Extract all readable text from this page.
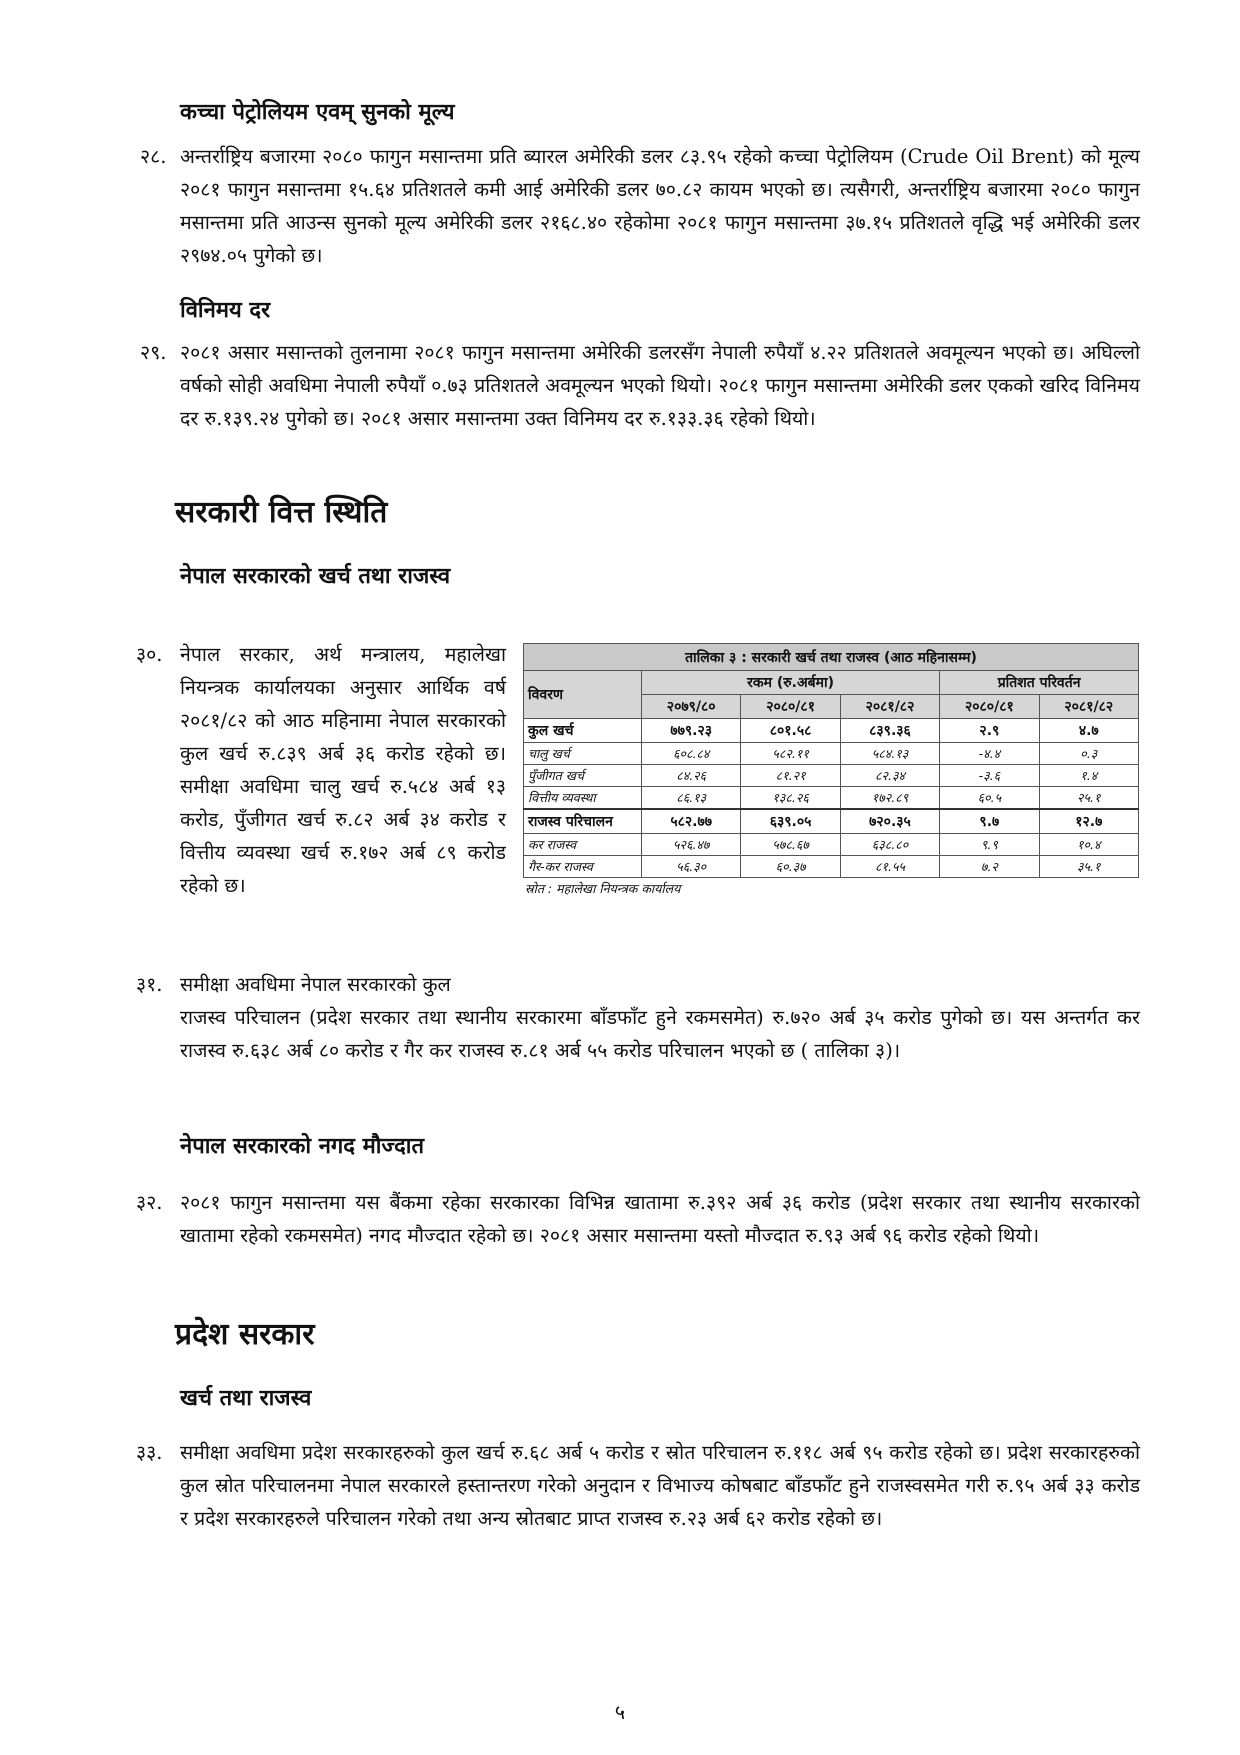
कच्चा पेट्रोलियम एवम् सुनको मूल्य
२८. अन्तर्राष्ट्रिय बजारमा २०८० फागुन मसान्तमा प्रति ब्यारल अमेरिकी डलर ८३.९५ रहेको कच्चा पेट्रोलियम (Crude Oil Brent) को मूल्य २०८१ फागुन मसान्तमा १५.६४ प्रतिशतले कमी आई अमेरिकी डलर ७०.८२ कायम भएको छ। त्यसैगरी, अन्तर्राष्ट्रिय बजारमा २०८० फागुन मसान्तमा प्रति आउन्स सुनको मूल्य अमेरिकी डलर २१६८.४० रहेकोमा २०८१ फागुन मसान्तमा ३७.१५ प्रतिशतले वृद्धि भई अमेरिकी डलर २९७४.०५ पुगेको छ।
विनिमय दर
२९. २०८१ असार मसान्तको तुलनामा २०८१ फागुन मसान्तमा अमेरिकी डलरसँग नेपाली रुपैयाँ ४.२२ प्रतिशतले अवमूल्यन भएको छ। अघिल्लो वर्षको सोही अवधिमा नेपाली रुपैयाँ ०.७३ प्रतिशतले अवमूल्यन भएको थियो। २०८१ फागुन मसान्तमा अमेरिकी डलर एकको खरिद विनिमय दर रु.१३९.२४ पुगेको छ। २०८१ असार मसान्तमा उक्त विनिमय दर रु.१३३.३६ रहेको थियो।
सरकारी वित्त स्थिति
नेपाल सरकारको खर्च तथा राजस्व
३०. नेपाल सरकार, अर्थ मन्त्रालय, महालेखा नियन्त्रक कार्यालयका अनुसार आर्थिक वर्ष २०८१/८२ को आठ महिनामा नेपाल सरकारको कुल खर्च रु.८३९ अर्ब ३६ करोड रहेको छ। समीक्षा अवधिमा चालु खर्च रु.५८४ अर्ब १३ करोड, पुँजीगत खर्च रु.८२ अर्ब ३४ करोड र वित्तीय व्यवस्था खर्च रु.१७२ अर्ब ८९ करोड रहेको छ।
तालिका ३ : सरकारी खर्च तथा राजस्व (आठ महिनासम्म)					
विवरण	रकम (रु.अर्बमा)			प्रतिशत परिवर्तन	
	२०७९/८०	२०८०/८१	२०८१/८२	२०८०/८१	२०८१/८२
कुल खर्च	७७९.२३	८०१.५८	८३९.३६	२.९	४.७
चालु खर्च	६०८.८४	५८२.११	५८४.१३	-४.४	०.३
पुँजीगत खर्च	८४.२६	८१.२१	८२.३४	-३.६	१.४
वित्तीय व्यवस्था	८६.१३	१३८.२६	१७२.८९	६०.५	२५.१
राजस्व परिचालन	५८२.७७	६३९.०५	७२०.३५	९.७	१२.७
कर राजस्व	५२६.४७	५७८.६७	६३८.८०	९.९	१०.४
गैर-कर राजस्व	५६.३०	६०.३७	८१.५५	७.२	३५.१
स्रोत : महालेखा नियन्त्रक कार्यालय
३१. समीक्षा अवधिमा नेपाल सरकारको कुल
राजस्व परिचालन (प्रदेश सरकार तथा स्थानीय सरकारमा बाँडफाँट हुने रकमसमेत) रु.७२० अर्ब ३५ करोड पुगेको छ। यस अन्तर्गत कर राजस्व रु.६३८ अर्ब ८० करोड र गैर कर राजस्व रु.८१ अर्ब ५५ करोड परिचालन भएको छ ( तालिका ३)।
नेपाल सरकारको नगद मौज्दात
३२. २०८१ फागुन मसान्तमा यस बैंकमा रहेका सरकारका विभिन्न खातामा रु.३९२ अर्ब ३६ करोड (प्रदेश सरकार तथा स्थानीय सरकारको खातामा रहेको रकमसमेत) नगद मौज्दात रहेको छ। २०८१ असार मसान्तमा यस्तो मौज्दात रु.९३ अर्ब ९६ करोड रहेको थियो।
प्रदेश सरकार
खर्च तथा राजस्व
३३. समीक्षा अवधिमा प्रदेश सरकारहरुको कुल खर्च रु.६८ अर्ब ५ करोड र स्रोत परिचालन रु.११८ अर्ब ९५ करोड रहेको छ। प्रदेश सरकारहरुको कुल स्रोत परिचालनमा नेपाल सरकारले हस्तान्तरण गरेको अनुदान र विभाज्य कोषबाट बाँडफाँट हुने राजस्वसमेत गरी रु.९५ अर्ब ३३ करोड र प्रदेश सरकारहरुले परिचालन गरेको तथा अन्य स्रोतबाट प्राप्त राजस्व रु.२३ अर्ब ६२ करोड रहेको छ।
५
